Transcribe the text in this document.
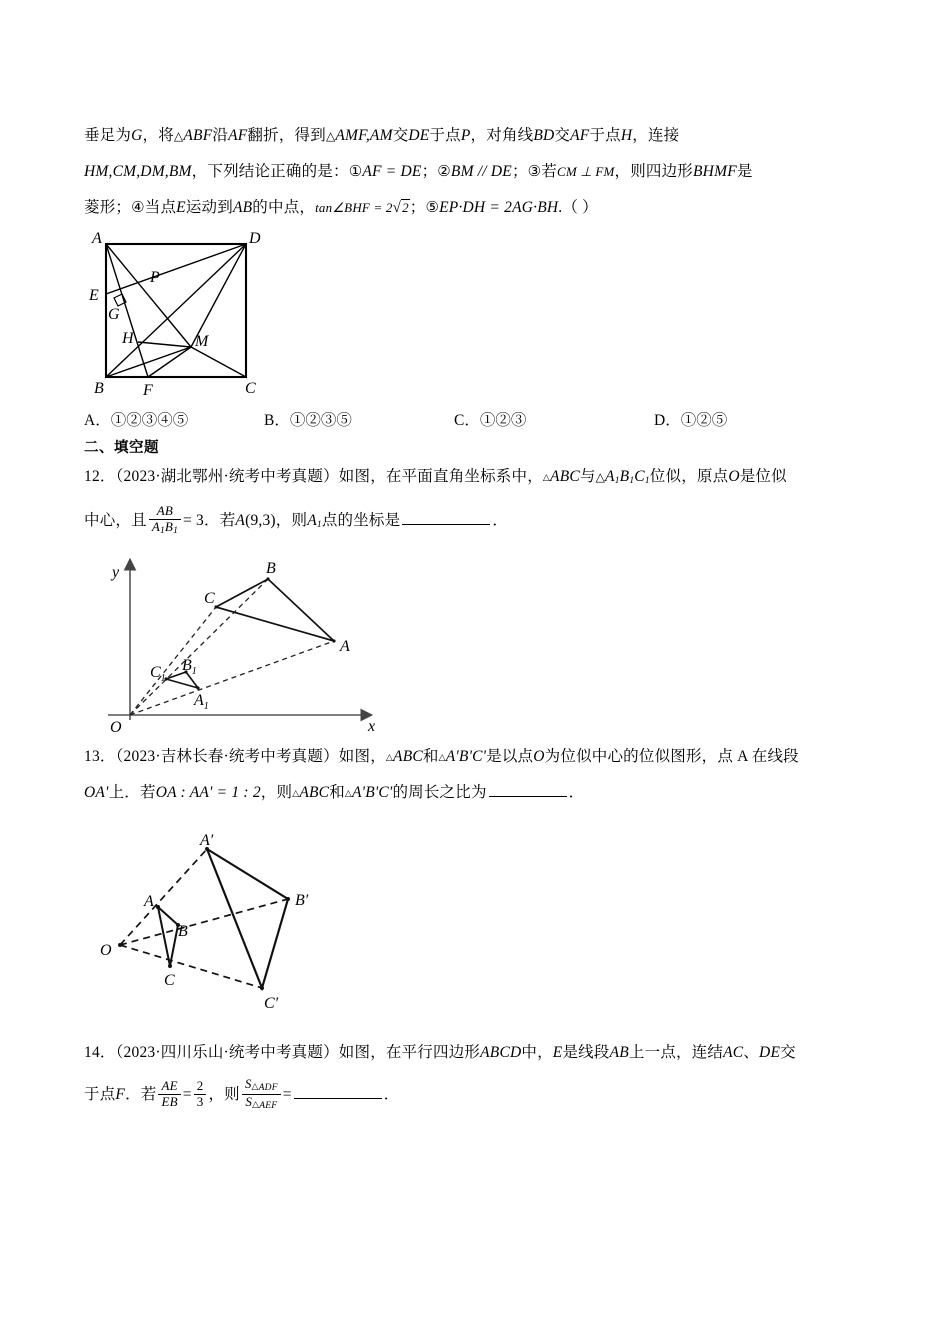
垂足为G，将 △ ABF沿AF翻折，得到 △ AMF,AM交DE于点P，对角线BD交AF于点H，连接

HM,CM,DM,BM，下列结论正确的是：①AF = DE；②BM // DE；③若CM ⊥ FM，则四边形BHMF是

菱形；④当点E运动到AB的中点，tan∠BHF = 2√2；⑤EP·DH = 2AG·BH.（ ）

A	D
P
E
G
H	M
B F	C
A．①②③④⑤	B．①②③⑤	C．①②③	D．①②⑤
二、填空题

12．（2023·湖北鄂州·统考中考真题）如图，在平面直角坐标系中， △ ABC与 △ $A_1B_1C_1$位似，原点O是位似

中心，且 $\frac{AB}{A_1B_1} = 3$．若A(9,3)，则$A_1$点的坐标是	．

y
x
O
B
C
A
$C_1$
$B_1$
$A_1$

13．（2023·吉林长春·统考中考真题）如图， △ ABC和 △ A'B'C'是以点O为位似中心的位似图形，点 A 在线段

OA'上．若OA : AA' = 1 : 2，则 △ ABC和 △ A'B'C'的周长之比为	．

A′
A	B′
B
O
C
C′

14．（2023·四川乐山·统考中考真题）如图，在平行四边形ABCD中，E是线段AB上一点，连结AC、DE交

于点F．若 $\frac{AE}{EB} = \frac{2}{3}$ ，则 $\frac{S \triangle _{ADF}}{S \triangle _{AEF}}$ =	．
